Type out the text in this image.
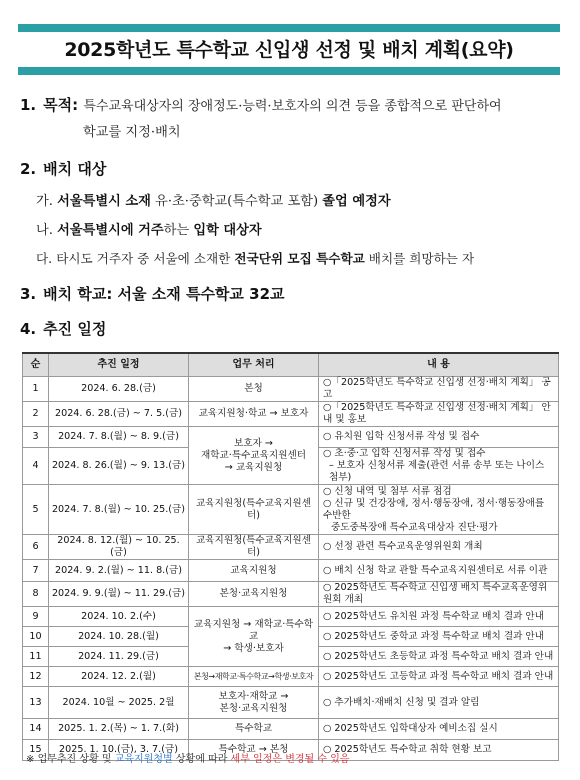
2025학년도 특수학교 신입생 선정 및 배치 계획(요약)
1. 목적: 특수교육대상자의 장애정도·능력·보호자의 의견 등을 종합적으로 판단하여
학교를 지정·배치
2. 배치 대상
가. 서울특별시 소재 유·초·중학교(특수학교 포함) 졸업 예정자
나. 서울특별시에 거주하는 입학 대상자
다. 타시도 거주자 중 서울에 소재한 전국단위 모집 특수학교 배치를 희망하는 자
3. 배치 학교: 서울 소재 특수학교 32교
4. 추진 일정
순	추진 일정	업무 처리	내 용
1	2024. 6. 28.(금)	본청	○「2025학년도 특수학교 신입생 선정·배치 계획」 공고
2	2024. 6. 28.(금) ~ 7. 5.(금)	교육지원청·학교 → 보호자	○「2025학년도 특수학교 신입생 선정·배치 계획」 안내 및 홍보
3	2024. 7. 8.(월) ~ 8. 9.(금)	보호자 →
재학교·특수교육지원센터
→ 교육지원청	○ 유치원 입학 신청서류 작성 및 접수
4	2024. 8. 26.(월) ~ 9. 13.(금)		○ 초·중·고 입학 신청서류 작성 및 접수
– 보호자 신청서류 제출(관련 서류 송부 또는 나이스 첨부)

5	2024. 7. 8.(월) ~ 10. 25.(금)	교육지원청(특수교육지원센터)	○ 신청 내역 및 첨부 서류 점검
○ 신규 및 건강장애, 정서·행동장애, 정서·행동장애를 수반한
중도중복장애 특수교육대상자 진단·평가

6	2024. 8. 12.(월) ~ 10. 25.(금)	교육지원청(특수교육지원센터)	○ 선정 관련 특수교육운영위원회 개최
7	2024. 9. 2.(월) ~ 11. 8.(금)	교육지원청	○ 배치 신청 학교 관할 특수교육지원센터로 서류 이관
8	2024. 9. 9.(월) ~ 11. 29.(금)	본청·교육지원청	○ 2025학년도 특수학교 신입생 배치 특수교육운영위원회 개최
9	2024. 10. 2.(수)	교육지원청 → 재학교·특수학교
→ 학생·보호자	○ 2025학년도 유치원 과정 특수학교 배치 결과 안내
10	2024. 10. 28.(월)		○ 2025학년도 중학교 과정 특수학교 배치 결과 안내
11	2024. 11. 29.(금)		○ 2025학년도 초등학교 과정 특수학교 배치 결과 안내
12	2024. 12. 2.(월)	본청→재학교·특수학교→학생·보호자	○ 2025학년도 고등학교 과정 특수학교 배치 결과 안내
13	2024. 10월 ~ 2025. 2월	보호자·재학교 →
본청·교육지원청	○ 추가배치·재배치 신청 및 결과 알림
14	2025. 1. 2.(목) ~ 1. 7.(화)	특수학교	○ 2025학년도 입학대상자 예비소집 실시
15	2025. 1. 10.(금), 3. 7.(금)	특수학교 → 본청	○ 2025학년도 특수학교 취학 현황 보고
※ 업무추진 상황 및 교육지원청별 상황에 따라 세부 일정은 변경될 수 있음
